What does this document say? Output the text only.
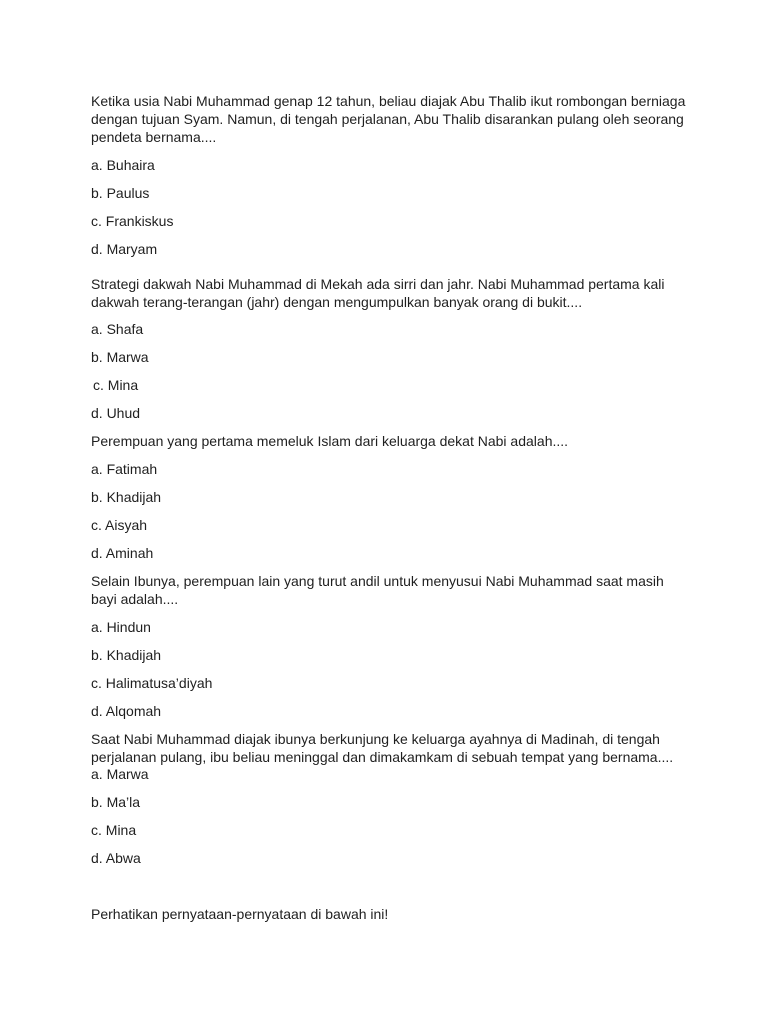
Ketika usia Nabi Muhammad genap 12 tahun, beliau diajak Abu Thalib ikut rombongan berniaga
dengan tujuan Syam. Namun, di tengah perjalanan, Abu Thalib disarankan pulang oleh seorang
pendeta bernama....
a. Buhaira
b. Paulus
c. Frankiskus
d. Maryam
Strategi dakwah Nabi Muhammad di Mekah ada sirri dan jahr. Nabi Muhammad pertama kali
dakwah terang-terangan (jahr) dengan mengumpulkan banyak orang di bukit....
a. Shafa
b. Marwa
c. Mina
d. Uhud
Perempuan yang pertama memeluk Islam dari keluarga dekat Nabi adalah....
a. Fatimah
b. Khadijah
c. Aisyah
d. Aminah
Selain Ibunya, perempuan lain yang turut andil untuk menyusui Nabi Muhammad saat masih
bayi adalah....
a. Hindun
b. Khadijah
c. Halimatusa’diyah
d. Alqomah
Saat Nabi Muhammad diajak ibunya berkunjung ke keluarga ayahnya di Madinah, di tengah
perjalanan pulang, ibu beliau meninggal dan dimakamkam di sebuah tempat yang bernama....
a. Marwa
b. Ma’la
c. Mina
d. Abwa
Perhatikan pernyataan-pernyataan di bawah ini!
